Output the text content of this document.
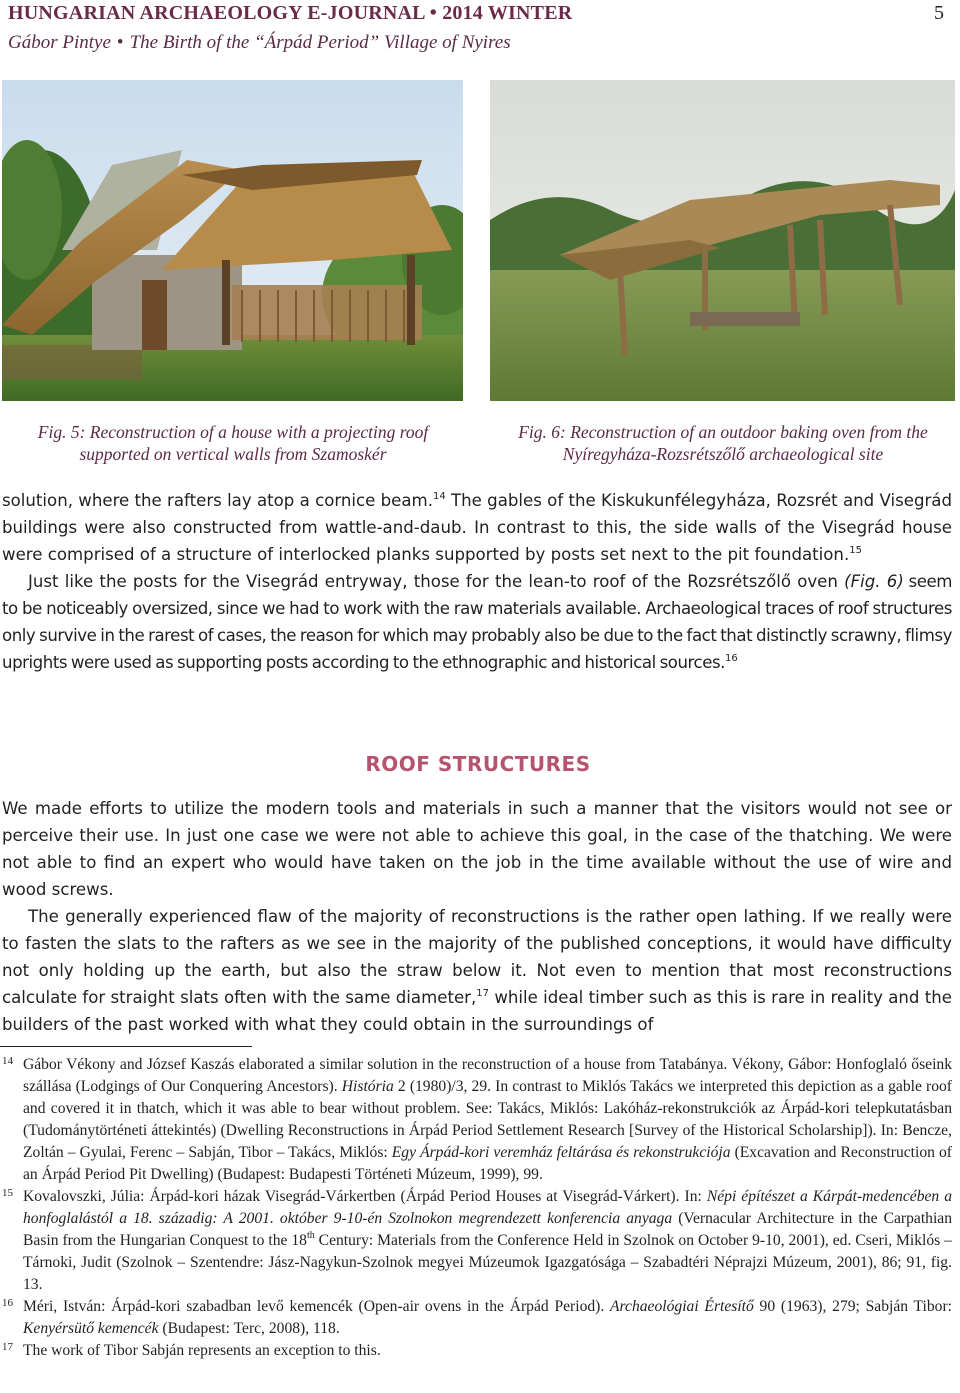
HUNGARIAN ARCHAEOLOGY E-JOURNAL • 2014 WINTER	5
Gábor Pintye • The Birth of the “Árpád Period” Village of Nyires
Fig. 5: Reconstruction of a house with a projecting roof supported on vertical walls from Szamoskér
Fig. 6: Reconstruction of an outdoor baking oven from the Nyíregyháza-Rozsrétszőlő archaeological site

solution, where the rafters lay atop a cornice beam.$^{14}$ The gables of the Kiskukunfélegyháza, Rozsrét and Visegrád buildings were also constructed from wattle-and-daub. In contrast to this, the side walls of the Visegrád house were comprised of a structure of interlocked planks supported by posts set next to the pit foundation.$^{15}$

Just like the posts for the Visegrád entryway, those for the lean-to roof of the Rozsrétszőlő oven (Fig. 6) seem to be noticeably oversized, since we had to work with the raw materials available. Archaeological traces of roof structures only survive in the rarest of cases, the reason for which may probably also be due to the fact that distinctly scrawny, flimsy uprights were used as supporting posts according to the ethnographic and historical sources.$^{16}$

ROOF STRUCTURES

We made efforts to utilize the modern tools and materials in such a manner that the visitors would not see or perceive their use. In just one case we were not able to achieve this goal, in the case of the thatching. We were not able to find an expert who would have taken on the job in the time available without the use of wire and wood screws.

The generally experienced flaw of the majority of reconstructions is the rather open lathing. If we really were to fasten the slats to the rafters as we see in the majority of the published conceptions, it would have difficulty not only holding up the earth, but also the straw below it. Not even to mention that most reconstructions calculate for straight slats often with the same diameter,$^{17}$ while ideal timber such as this is rare in reality and the builders of the past worked with what they could obtain in the surroundings of

14 Gábor Vékony and József Kaszás elaborated a similar solution in the reconstruction of a house from Tatabánya. Vékony, Gábor: Honfoglaló őseink szállása (Lodgings of Our Conquering Ancestors). História 2 (1980)/3, 29. In contrast to Miklós Takács we interpreted this depiction as a gable roof and covered it in thatch, which it was able to bear without problem. See: Takács, Miklós: Lakóház-rekonstrukciók az Árpád-kori telepkutatásban (Tudománytörténeti áttekintés) (Dwelling Reconstructions in Árpád Period Settlement Research [Survey of the Historical Scholarship]). In: Bencze, Zoltán – Gyulai, Ferenc – Sabján, Tibor – Takács, Miklós: Egy Árpád-kori veremház feltárása és rekonstrukciója (Excavation and Reconstruction of an Árpád Period Pit Dwelling) (Budapest: Budapesti Történeti Múzeum, 1999), 99.
15 Kovalovszki, Júlia: Árpád-kori házak Visegrád-Várkertben (Árpád Period Houses at Visegrád-Várkert). In: Népi építészet a Kárpát-medencében a honfoglalástól a 18. századig: A 2001. október 9-10-én Szolnokon megrendezett konferencia anyaga (Vernacular Architecture in the Carpathian Basin from the Hungarian Conquest to the 18th Century: Materials from the Conference Held in Szolnok on October 9-10, 2001), ed. Cseri, Miklós – Tárnoki, Judit (Szolnok – Szentendre: Jász-Nagykun-Szolnok megyei Múzeumok Igazgatósága – Szabadtéri Néprajzi Múzeum, 2001), 86; 91, fig. 13.
16 Méri, István: Árpád-kori szabadban levő kemencék (Open-air ovens in the Árpád Period). Archaeológiai Értesítő 90 (1963), 279; Sabján Tibor: Kenyérsütő kemencék (Budapest: Terc, 2008), 118.
17 The work of Tibor Sabján represents an exception to this.
